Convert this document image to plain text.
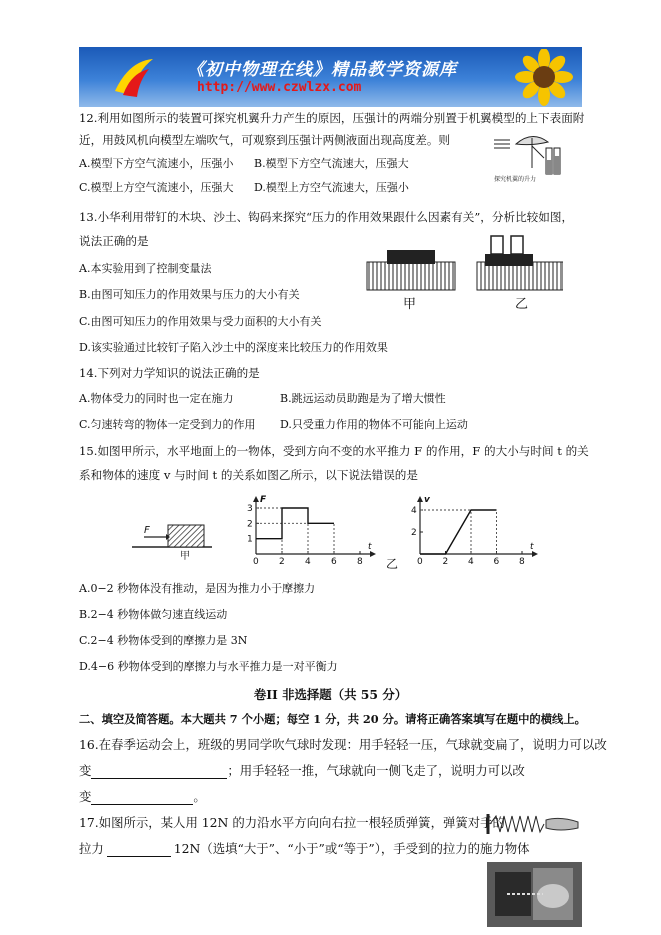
《初中物理在线》精品教学资源库
http://www.czwlzx.com
12.利用如图所示的装置可探究机翼升力产生的原因，压强计的两端分别置于机翼模型的上下表面附
近，用鼓风机向模型左端吹气，可观察到压强计两侧液面出现高度差。则
A.模型下方空气流速小，压强小 B.模型下方空气流速大，压强大
C.模型上方空气流速小，压强大 D.模型上方空气流速大，压强小
探究机翼的升力
13.小华利用带钉的木块、沙土、钩码来探究“压力的作用效果跟什么因素有关”，分析比较如图，
说法正确的是
A.本实验用到了控制变量法
B.由图可知压力的作用效果与压力的大小有关
C.由图可知压力的作用效果与受力面积的大小有关
D.该实验通过比较钉子陷入沙土中的深度来比较压力的作用效果
甲	乙
14.下列对力学知识的说法正确的是
A.物体受力的同时也一定在施力	B.跳远运动员助跑是为了增大惯性
C.匀速转弯的物体一定受到力的作用 D.只受重力作用的物体不可能向上运动
15.如图甲所示，水平地面上的一物体，受到方向不变的水平推力 F 的作用，F 的大小与时间 t 的关
系和物体的速度 v 与时间 t 的关系如图乙所示，以下说法错误的是
F
甲
F
t
0 2 4 6 8
1
2
3
乙
v
t
0 2 4 6 8
2
4
A.0−2 秒物体没有推动，是因为推力小于摩擦力
B.2−4 秒物体做匀速直线运动
C.2−4 秒物体受到的摩擦力是 3N
D.4−6 秒物体受到的摩擦力与水平推力是一对平衡力
卷II 非选择题（共 55 分）
二、填空及简答题。本大题共 7 个小题；每空 1 分，共 20 分。请将正确答案填写在题中的横线上。
16.在春季运动会上，班级的男同学吹气球时发现：用手轻轻一压，气球就变扁了，说明力可以改
变	；用手轻轻一推，气球就向一侧飞走了，说明力可以改
变	。
17.如图所示，某人用 12N 的力沿水平方向向右拉一根轻质弹簧，弹簧对手的
拉力	12N（选填“大于”、“小于”或“等于”），手受到的拉力的施力物体
